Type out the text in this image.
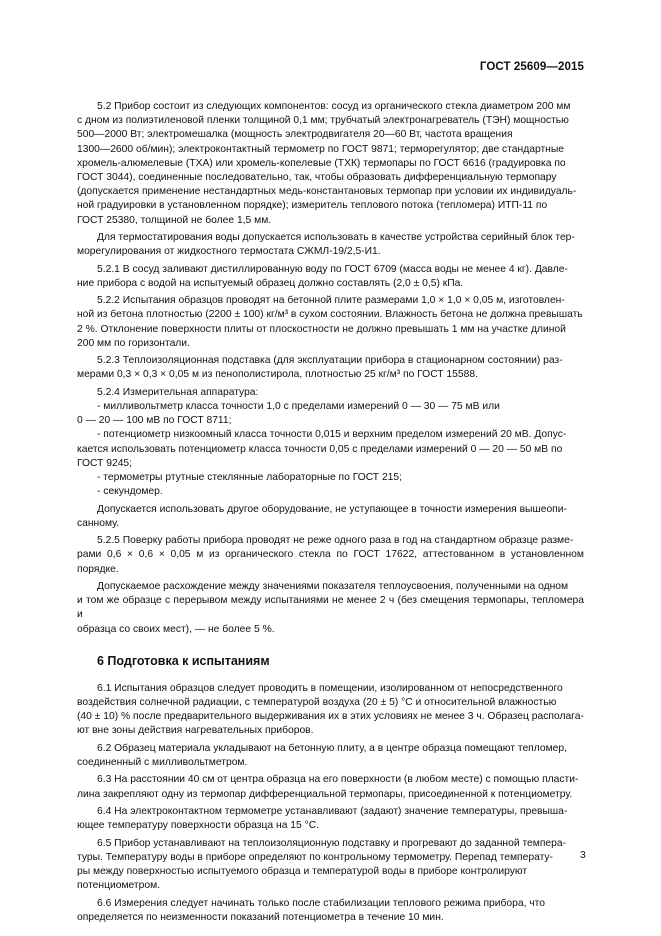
ГОСТ 25609—2015

5.2 Прибор состоит из следующих компонентов: сосуд из органического стекла диаметром 200 мм
с дном из полиэтиленовой пленки толщиной 0,1 мм; трубчатый электронагреватель (ТЭН) мощностью
500—2000 Вт; электромешалка (мощность электродвигателя 20—60 Вт, частота вращения
1300—2600 об/мин); электроконтактный термометр по ГОСТ 9871; терморегулятор; две стандартные
хромель-алюмелевые (ТХА) или хромель-копелевые (ТХК) термопары по ГОСТ 6616 (градуировка по
ГОСТ 3044), соединенные последовательно, так, чтобы образовать дифференциальную термопару
(допускается применение нестандартных медь-константановых термопар при условии их индивидуаль-
ной градуировки в установленном порядке); измеритель теплового потока (тепломера) ИТП-11 по
ГОСТ 25380, толщиной не более 1,5 мм.

Для термостатирования воды допускается использовать в качестве устройства серийный блок тер-
морегулирования от жидкостного термостата СЖМЛ-19/2,5-И1.

5.2.1 В сосуд заливают дистиллированную воду по ГОСТ 6709 (масса воды не менее 4 кг). Давле-
ние прибора с водой на испытуемый образец должно составлять (2,0 ± 0,5) кПа.

5.2.2 Испытания образцов проводят на бетонной плите размерами 1,0 × 1,0 × 0,05 м, изготовлен-
ной из бетона плотностью (2200 ± 100) кг/м³ в сухом состоянии. Влажность бетона не должна превышать
2 %. Отклонение поверхности плиты от плоскостности не должно превышать 1 мм на участке длиной
200 мм по горизонтали.

5.2.3 Теплоизоляционная подставка (для эксплуатации прибора в стационарном состоянии) раз-
мерами 0,3 × 0,3 × 0,05 м из пенополистирола, плотностью 25 кг/м³ по ГОСТ 15588.

5.2.4 Измерительная аппаратура:

- милливольтметр класса точности 1,0 с пределами измерений 0 — 30 — 75 мВ или
0 — 20 — 100 мВ по ГОСТ 8711;

- потенциометр низкоомный класса точности 0,015 и верхним пределом измерений 20 мВ. Допус-
кается использовать потенциометр класса точности 0,05 с пределами измерений 0 — 20 — 50 мВ по
ГОСТ 9245;

- термометры ртутные стеклянные лабораторные по ГОСТ 215;

- секундомер.

Допускается использовать другое оборудование, не уступающее в точности измерения вышеопи-
санному.

5.2.5 Поверку работы прибора проводят не реже одного раза в год на стандартном образце разме-
рами 0,6 × 0,6 × 0,05 м из органического стекла по ГОСТ 17622, аттестованном в установленном порядке.

Допускаемое расхождение между значениями показателя теплоусвоения, полученными на одном
и том же образце с перерывом между испытаниями не менее 2 ч (без смещения термопары, тепломера и
образца со своих мест), — не более 5 %.

6 Подготовка к испытаниям

6.1 Испытания образцов следует проводить в помещении, изолированном от непосредственного
воздействия солнечной радиации, с температурой воздуха (20 ± 5) °С и относительной влажностью
(40 ± 10) % после предварительного выдерживания их в этих условиях не менее 3 ч. Образец располага-
ют вне зоны действия нагревательных приборов.

6.2 Образец материала укладывают на бетонную плиту, а в центре образца помещают тепломер,
соединенный с милливольтметром.

6.3 На расстоянии 40 см от центра образца на его поверхности (в любом месте) с помощью пласти-
лина закрепляют одну из термопар дифференциальной термопары, присоединенной к потенциометру.

6.4 На электроконтактном термометре устанавливают (задают) значение температуры, превыша-
ющее температуру поверхности образца на 15 °С.

6.5 Прибор устанавливают на теплоизоляционную подставку и прогревают до заданной темпера-
туры. Температуру воды в приборе определяют по контрольному термометру. Перепад температу-
ры между поверхностью испытуемого образца и температурой воды в приборе контролируют
потенциометром.

6.6 Измерения следует начинать только после стабилизации теплового режима прибора, что
определяется по неизменности показаний потенциометра в течение 10 мин.

3
